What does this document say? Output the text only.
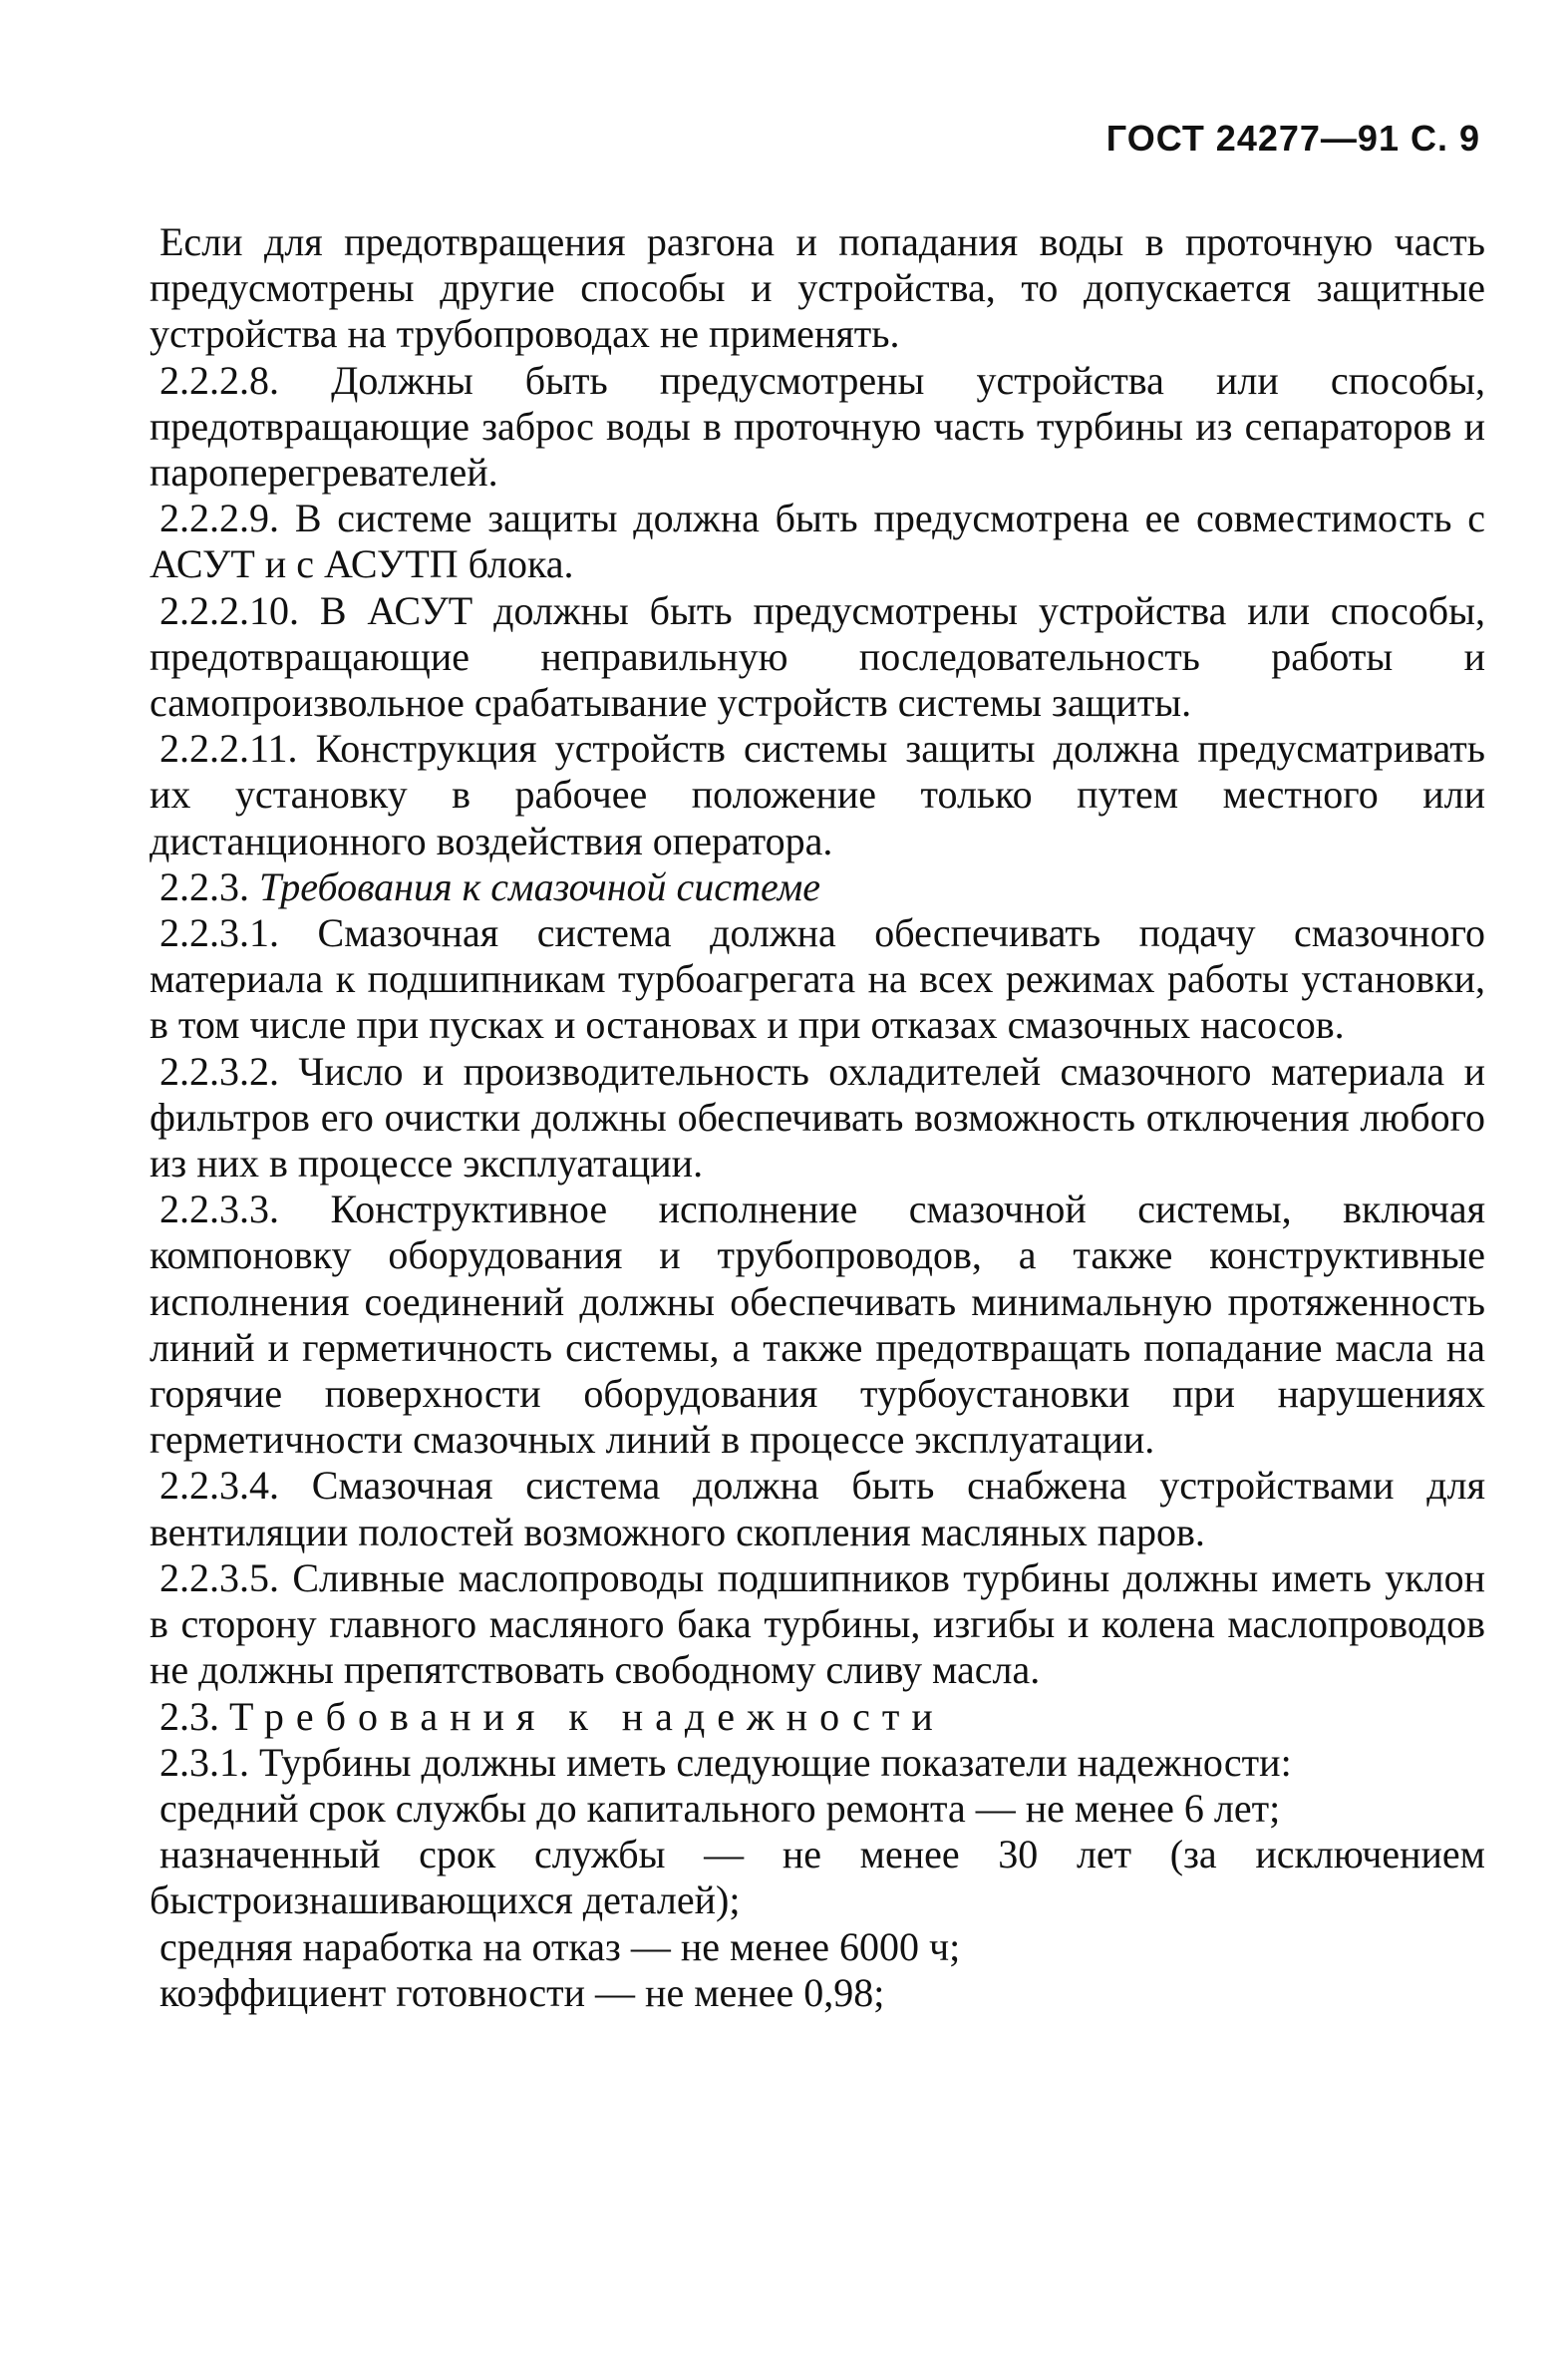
ГОСТ 24277—91 С. 9

Если для предотвращения разгона и попадания воды в проточную часть предусмотрены другие способы и устройства, то допускается защитные устройства на трубопроводах не применять.

2.2.2.8. Должны быть предусмотрены устройства или способы, предотвращающие заброс воды в проточную часть турбины из сепараторов и пароперегревателей.

2.2.2.9. В системе защиты должна быть предусмотрена ее совместимость с АСУТ и с АСУТП блока.

2.2.2.10. В АСУТ должны быть предусмотрены устройства или способы, предотвращающие неправильную последовательность работы и самопроизвольное срабатывание устройств системы защиты.

2.2.2.11. Конструкция устройств системы защиты должна предусматривать их установку в рабочее положение только путем местного или дистанционного воздействия оператора.

2.2.3. Требования к смазочной системе

2.2.3.1. Смазочная система должна обеспечивать подачу смазочного материала к подшипникам турбоагрегата на всех режимах работы установки, в том числе при пусках и остановах и при отказах смазочных насосов.

2.2.3.2. Число и производительность охладителей смазочного материала и фильтров его очистки должны обеспечивать возможность отключения любого из них в процессе эксплуатации.

2.2.3.3. Конструктивное исполнение смазочной системы, включая компоновку оборудования и трубопроводов, а также конструктивные исполнения соединений должны обеспечивать минимальную протяженность линий и герметичность системы, а также предотвращать попадание масла на горячие поверхности оборудования турбоустановки при нарушениях герметичности смазочных линий в процессе эксплуатации.

2.2.3.4. Смазочная система должна быть снабжена устройствами для вентиляции полостей возможного скопления масляных паров.

2.2.3.5. Сливные маслопроводы подшипников турбины должны иметь уклон в сторону главного масляного бака турбины, изгибы и колена маслопроводов не должны препятствовать свободному сливу масла.

2.3. Требования к надежности

2.3.1. Турбины должны иметь следующие показатели надежности:

средний срок службы до капитального ремонта — не менее 6 лет;

назначенный срок службы — не менее 30 лет (за исключением быстроизнашивающихся деталей);

средняя наработка на отказ — не менее 6000 ч;

коэффициент готовности — не менее 0,98;
